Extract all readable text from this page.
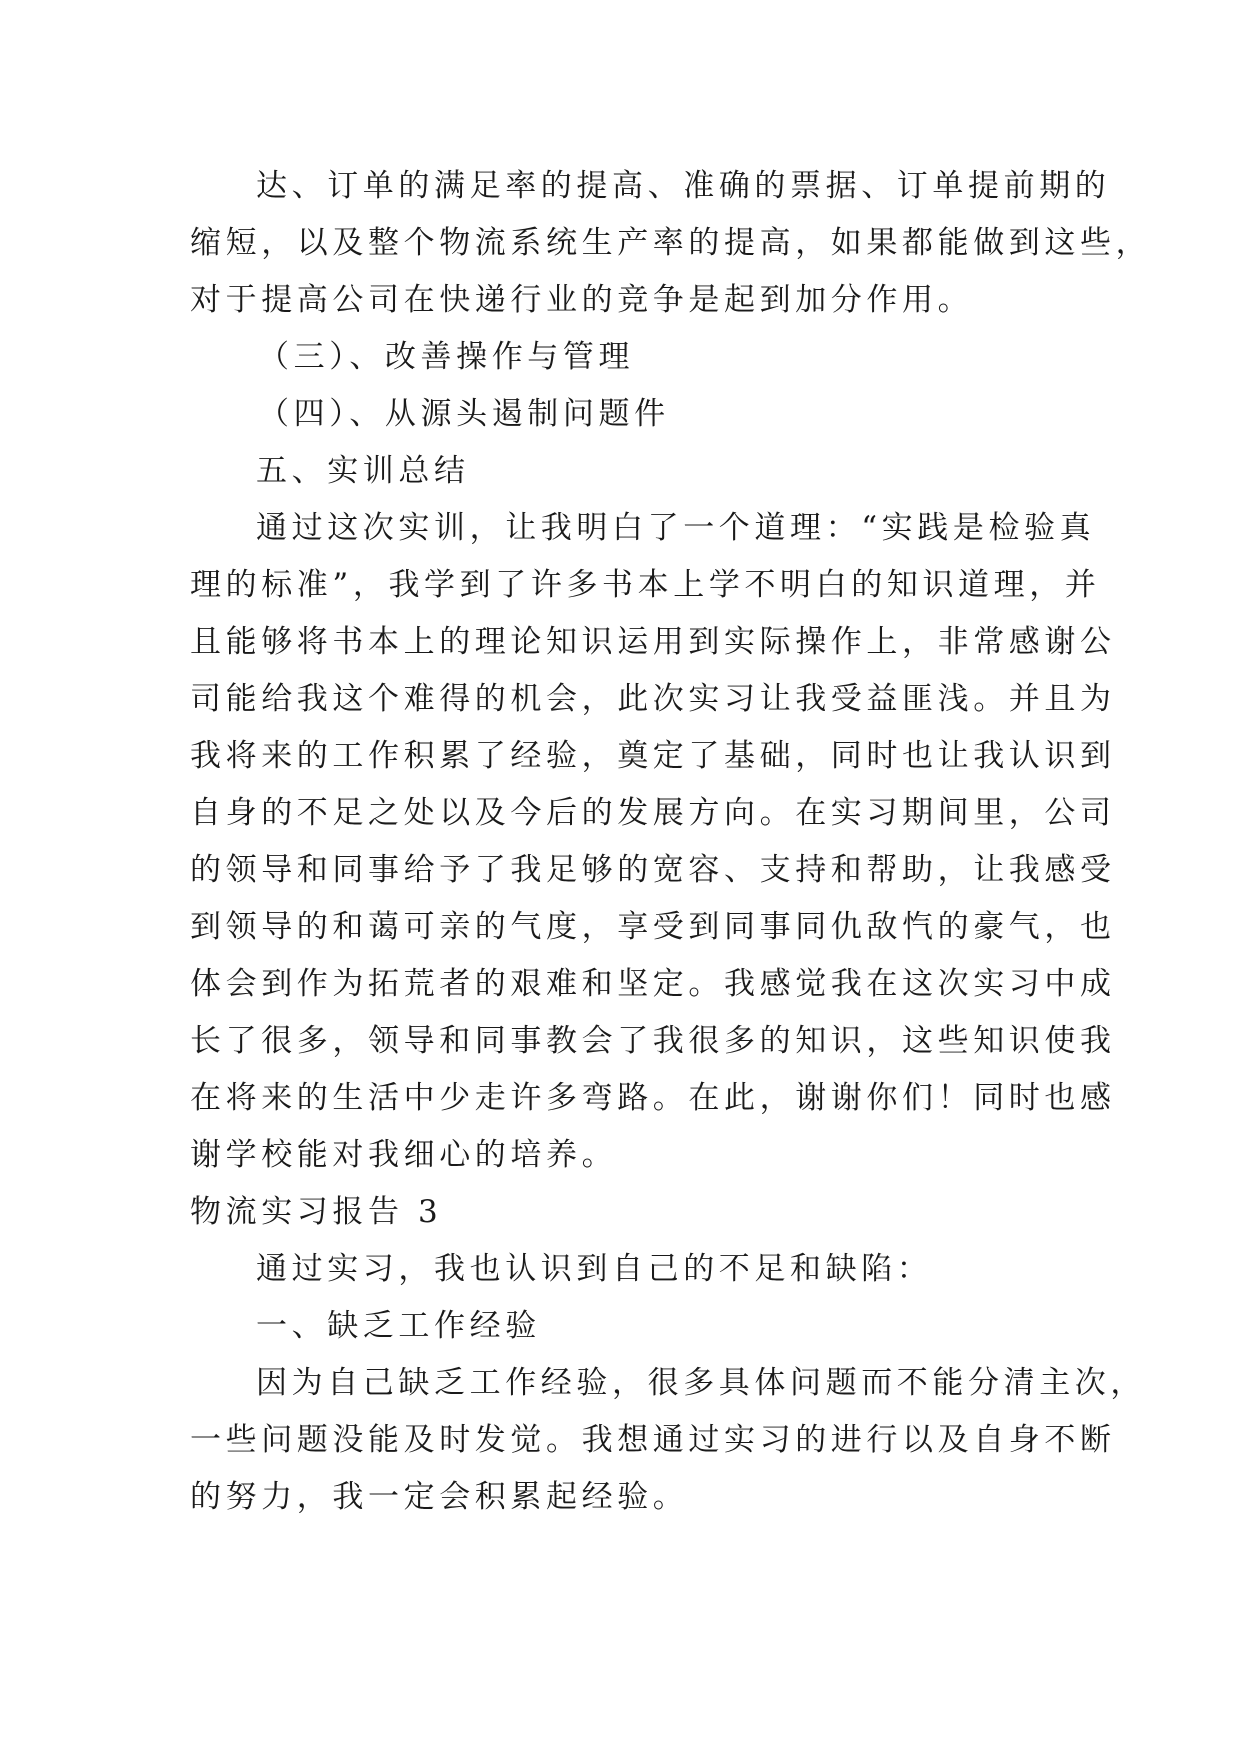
达、订单的满足率的提高、准确的票据、订单提前期的
缩短，以及整个物流系统生产率的提高，如果都能做到这些，
对于提高公司在快递行业的竞争是起到加分作用。
（三）、改善操作与管理
（四）、从源头遏制问题件
五、实训总结
通过这次实训，让我明白了一个道理：“实践是检验真
理的标准”，我学到了许多书本上学不明白的知识道理，并
且能够将书本上的理论知识运用到实际操作上，非常感谢公
司能给我这个难得的机会，此次实习让我受益匪浅。并且为
我将来的工作积累了经验，奠定了基础，同时也让我认识到
自身的不足之处以及今后的发展方向。在实习期间里，公司
的领导和同事给予了我足够的宽容、支持和帮助，让我感受
到领导的和蔼可亲的气度，享受到同事同仇敌忾的豪气，也
体会到作为拓荒者的艰难和坚定。我感觉我在这次实习中成
长了很多，领导和同事教会了我很多的知识，这些知识使我
在将来的生活中少走许多弯路。在此，谢谢你们！同时也感
谢学校能对我细心的培养。
物流实习报告 3
通过实习，我也认识到自己的不足和缺陷：
一、缺乏工作经验
因为自己缺乏工作经验，很多具体问题而不能分清主次，
一些问题没能及时发觉。我想通过实习的进行以及自身不断
的努力，我一定会积累起经验。
